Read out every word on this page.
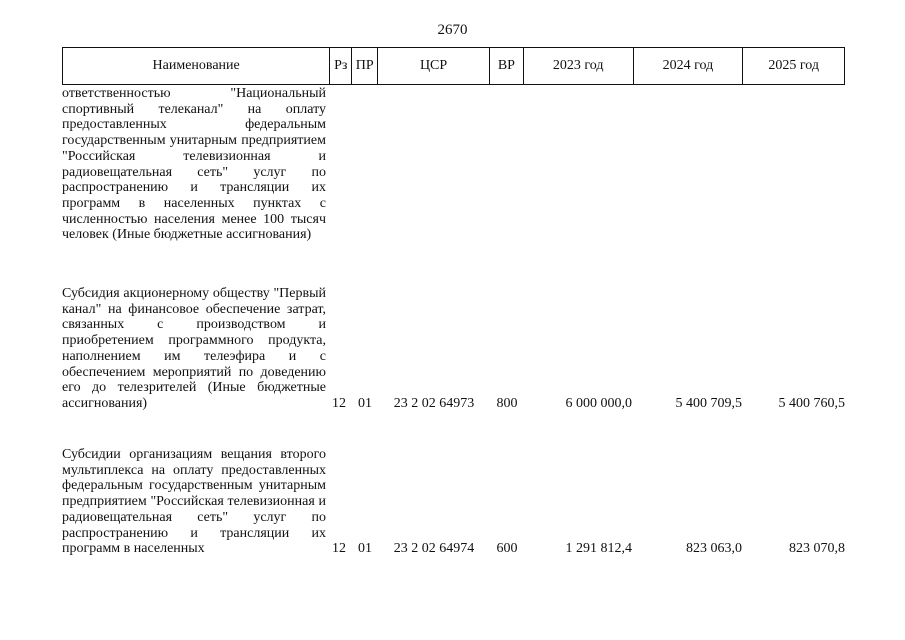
2670
Наименование	Рз ПР	ЦСР	ВР	2023 год	2024 год	2025 год
ответственностью "Национальный спортивный телеканал" на оплату предоставленных федеральным государственным унитарным предприятием "Российская телевизионная и радиовещательная сеть" услуг по распространению и трансляции их программ в населенных пунктах с численностью населения менее 100 тысяч человек (Иные бюджетные ассигнования)
Субсидия акционерному обществу "Первый канал" на финансовое обеспечение затрат, связанных с производством и приобретением программного продукта, наполнением им телеэфира и с обеспечением мероприятий по доведению его до телезрителей (Иные бюджетные ассигнования)	12 01	23 2 02 64973	800	6 000 000,0	5 400 709,5	5 400 760,5
Субсидии организациям вещания второго мультиплекса на оплату предоставленных федеральным государственным унитарным предприятием "Российская телевизионная и радиовещательная сеть" услуг по распространению и трансляции их программ в населенных	12 01	23 2 02 64974	600	1 291 812,4	823 063,0	823 070,8
